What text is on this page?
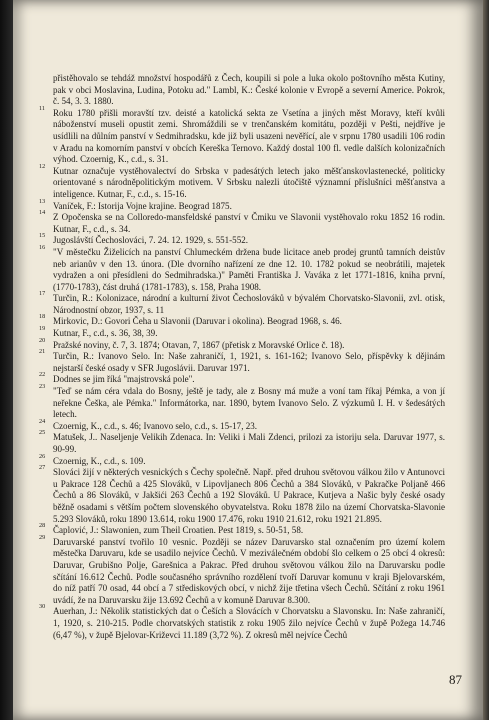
přistěhovalo se tehdáž množství hospodářů z Čech, koupili si pole a luka okolo poštovního města Kutiny, pak v obci Moslavina, Ludina, Potoku ad." Lambl, K.: České kolonie v Evropě a severní Americe. Pokrok, č. 54, 3. 3. 1880.

11 Roku 1780 přišli moravští tzv. deisté a katolická sekta ze Vsetína a jiných měst Moravy, kteří kvůli náboženství museli opustit zemi. Shromáždili se v trenčanském komitátu, později v Pešti, nejdříve je usídlili na důlním panství v Sedmihradsku, kde již byli usazeni nevěřící, ale v srpnu 1780 usadili 106 rodin v Aradu na komorním panství v obcích Kereška Ternovo. Každý dostal 100 fl. vedle dalších kolonizačních výhod. Czoernig, K., c.d., s. 31.

12 Kutnar označuje vystěhovalectví do Srbska v padesátých letech jako měšťanskovlastenecké, politicky orientované s národněpolitickým motivem. V Srbsku nalezli útočiště významní příslušníci měšťanstva a inteligence. Kutnar, F., c.d., s. 15-16.

13 Vaníček, F.: Istorija Vojne krajine. Beograd 1875.

14 Z Opočenska se na Colloredo-mansfeldské panství v Čmiku ve Slavonii vystěhovalo roku 1852 16 rodin. Kutnar, F., c.d., s. 34.

15 Jugoslávští Čechoslováci, 7. 24. 12. 1929, s. 551-552.

16 "V městečku Žiželicích na panství Chlumeckém držena bude licitace aneb prodej gruntů tamních deistův neb arianův v den 13. února. (Dle dvorního nařízení ze dne 12. 10. 1782 pokud se neobrátili, majetek vydražen a oni přesídleni do Sedmihradska.)" Paměti Františka J. Vaváka z let 1771-1816, kniha první, (1770-1783), část druhá (1781-1783), s. 158, Praha 1908.

17 Turčin, R.: Kolonizace, národní a kulturní život Čechoslováků v bývalém Chorvatsko-Slavonii, zvl. otisk, Národnostní obzor, 1937, s. 11

18 Mirkovic, D.: Govori Čeha u Slavonii (Daruvar i okolina). Beograd 1968, s. 46.

19 Kutnar, F., c.d., s. 36, 38, 39.

20 Pražské noviny, č. 7, 3. 1874; Otavan, 7, 1867 (přetisk z Moravské Orlice č. 18).

21 Turčin, R.: Ivanovo Selo. In: Naše zahraničí, 1, 1921, s. 161-162; Ivanovo Selo, příspěvky k dějinám nejstarší české osady v SFR Jugoslávii. Daruvar 1971.

22 Dodnes se jim říká "majstrovská pole".

23 "Teď se nám céra vdala do Bosny, ještě je tady, ale z Bosny má muže a voní tam říkaj Pémka, a von jí neřekne Češka, ale Pémka." Informátorka, nar. 1890, bytem Ivanovo Selo. Z výzkumů I. H. v šedesátých letech.

24 Czoernig, K., c.d., s. 46; Ivanovo selo, c.d., s. 15-17, 23.

25 Matušek, J.. Naseljenje Velikih Zdenaca. In: Veliki i Mali Zdenci, prilozi za istoriju sela. Daruvar 1977, s. 90-99.

26 Czoernig, K., c.d., s. 109.

27 Slováci žijí v některých vesnických s Čechy společně. Např. před druhou světovou válkou žilo v Antunovci u Pakrace 128 Čechů a 425 Slováků, v Lipovljanech 806 Čechů a 384 Slováků, v Pakračke Poljaně 466 Čechů a 86 Slováků, v Jakšići 263 Čechů a 192 Slováků. U Pakrace, Kutjeva a Našic byly české osady běžně osadami s větším počtem slovenského obyvatelstva. Roku 1878 žilo na území Chorvatska-Slavonie 5.293 Slováků, roku 1890 13.614, roku 1900 17.476, roku 1910 21.612, roku 1921 21.895.

28 Čaplović, J.: Slawonien, zum Theil Croatien. Pest 1819, s. 50-51, 58.

29 Daruvarské panství tvořilo 10 vesnic. Později se název Daruvarsko stal označením pro území kolem městečka Daruvaru, kde se usadilo nejvíce Čechů. V meziválečném období šlo celkem o 25 obcí 4 okresů: Daruvar, Grubišno Polje, Garešnica a Pakrac. Před druhou světovou válkou žilo na Daruvarsku podle sčítání 16.612 Čechů. Podle současného správního rozdělení tvoří Daruvar komunu v kraji Bjelovarském, do níž patří 70 osad, 44 obcí a 7 střediskových obcí, v nichž žije třetina všech Čechů. Sčítání z roku 1961 uvádí, že na Daruvarsku žije 13.692 Čechů a v komuně Daruvar 8.300.

30 Auerhan, J.: Několik statistických dat o Češích a Slovácích v Chorvatsku a Slavonsku. In: Naše zahraničí, 1, 1920, s. 210-215. Podle chorvatských statistik z roku 1905 žilo nejvíce Čechů v župě Požega 14.746 (6,47 %), v župě Bjelovar-Križevci 11.189 (3,72 %). Z okresů měl nejvíce Čechů

87
